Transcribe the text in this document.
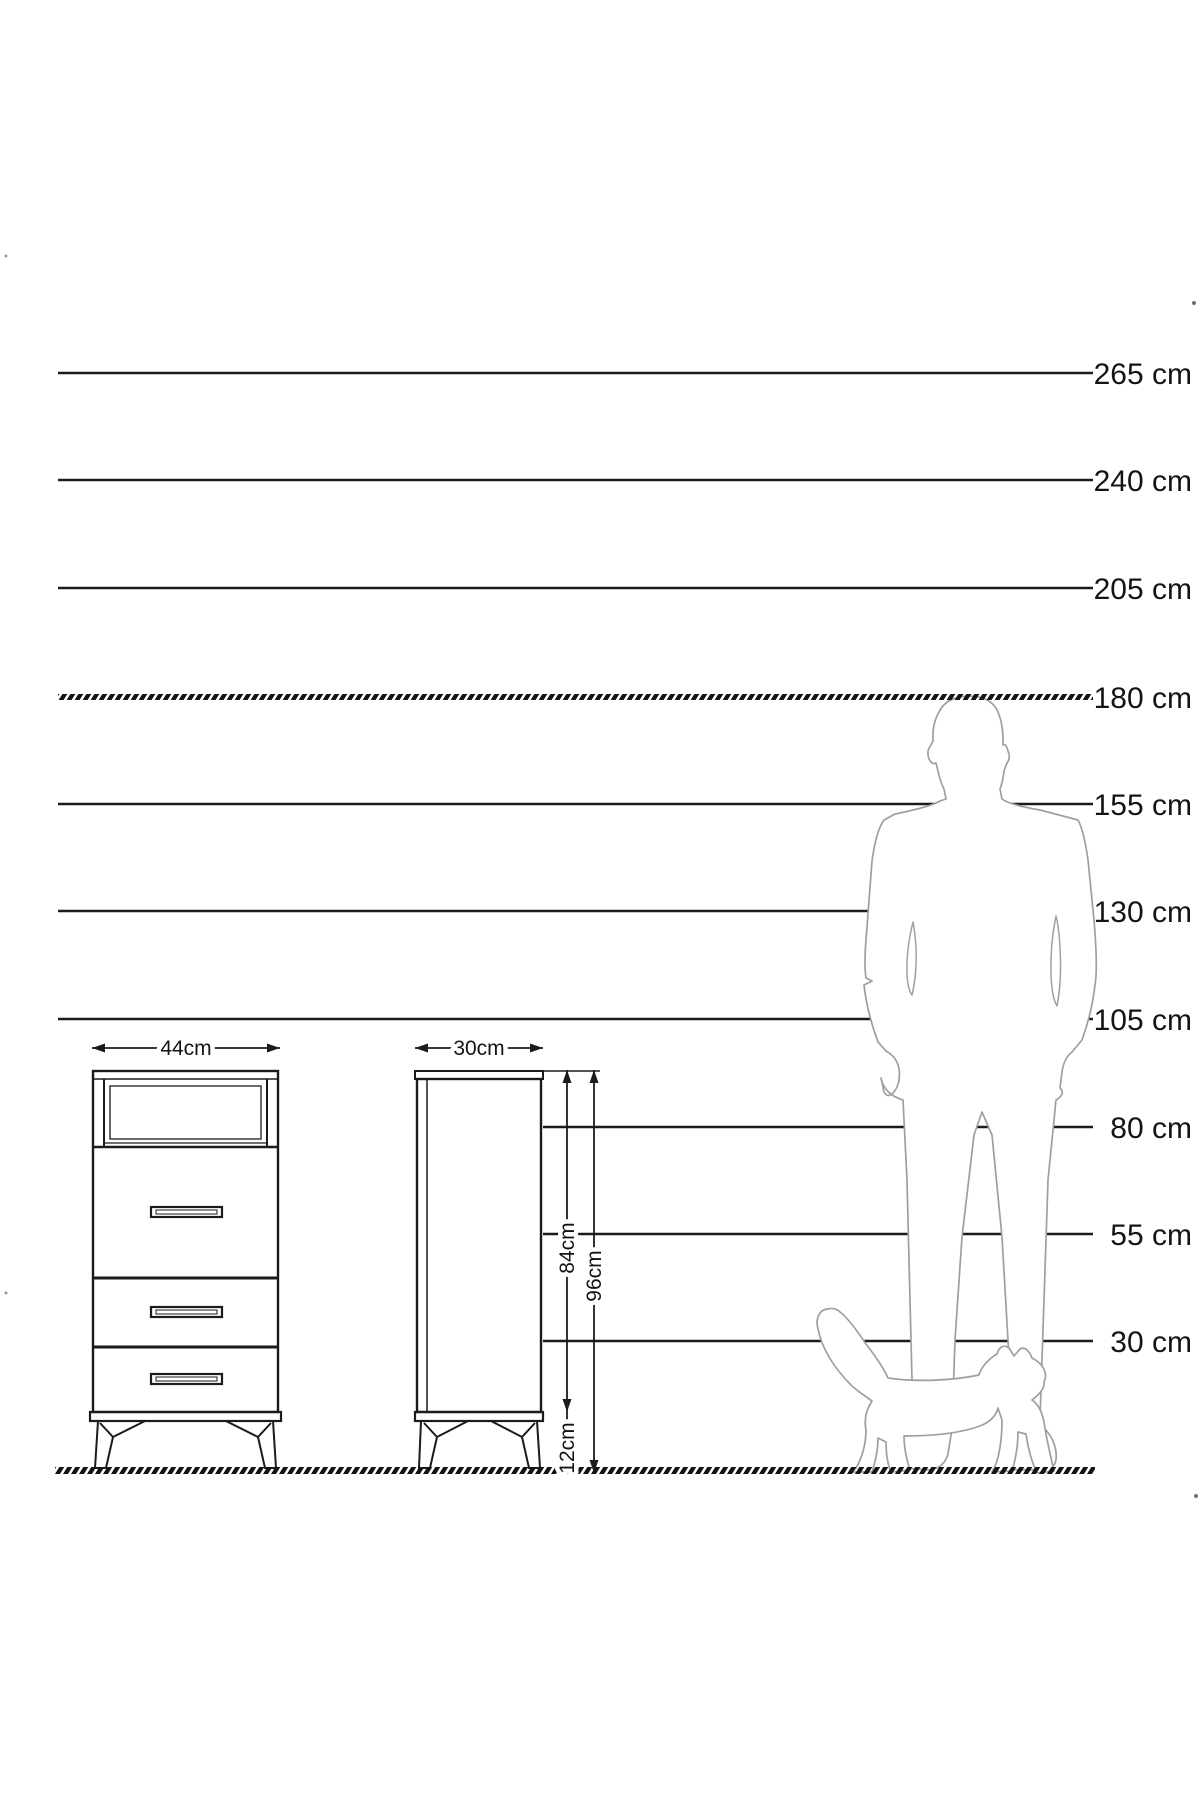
265 cm
240 cm
205 cm
180 cm
155 cm
130 cm
105 cm
80 cm
55 cm
30 cm
44cm	30cm
84cm
96cm
12cm
